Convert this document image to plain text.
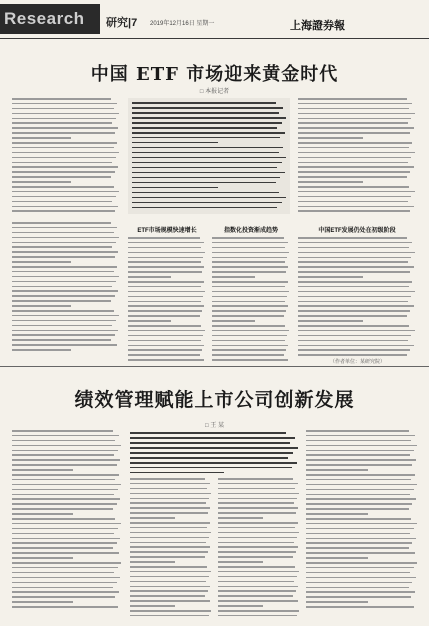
Research 研究|7 2019年12月16日 星期一	上海證券報
中国 ETF 市场迎来黄金时代
□ 本报记者
ETF市场规模快速增长	指数化投资渐成趋势	中国ETF发展仍处在初级阶段
（作者单位：某研究院）
绩效管理赋能上市公司创新发展
□ 王 某
